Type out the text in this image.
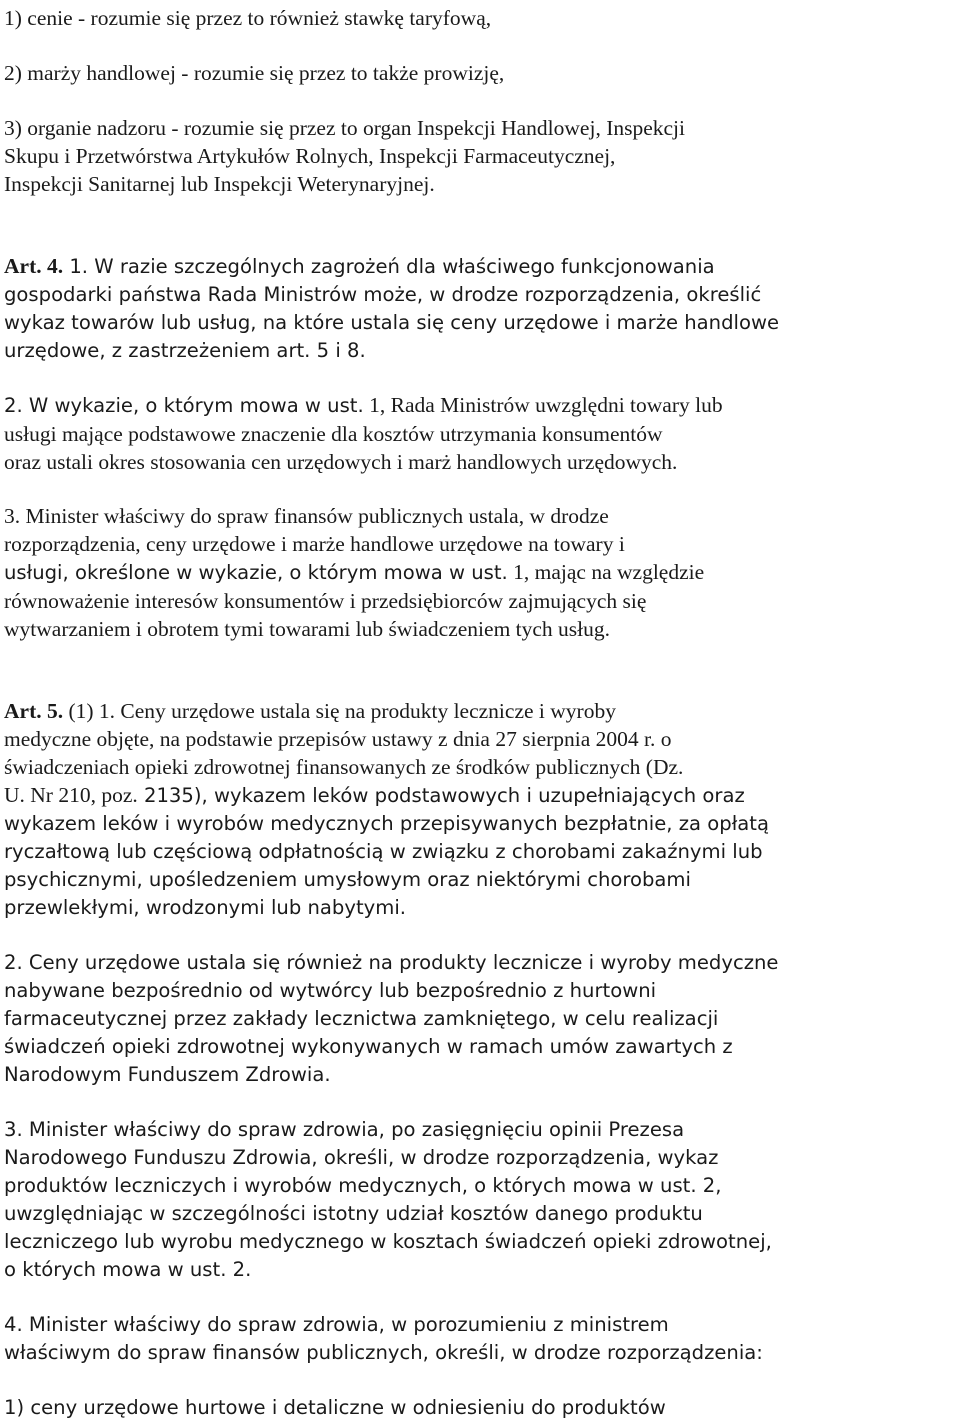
1) cenie - rozumie się przez to również stawkę taryfową,

2) marży handlowej - rozumie się przez to także prowizję,

3) organie nadzoru - rozumie się przez to organ Inspekcji Handlowej, Inspekcji
Skupu i Przetwórstwa Artykułów Rolnych, Inspekcji Farmaceutycznej,
Inspekcji Sanitarnej lub Inspekcji Weterynaryjnej.

Art. 4. 1. W razie szczególnych zagrożeń dla właściwego funkcjonowania
gospodarki państwa Rada Ministrów może, w drodze rozporządzenia, określić
wykaz towarów lub usług, na które ustala się ceny urzędowe i marże handlowe
urzędowe, z zastrzeżeniem art. 5 i 8.

2. W wykazie, o którym mowa w ust. 1, Rada Ministrów uwzględni towary lub
usługi mające podstawowe znaczenie dla kosztów utrzymania konsumentów
oraz ustali okres stosowania cen urzędowych i marż handlowych urzędowych.

3. Minister właściwy do spraw finansów publicznych ustala, w drodze
rozporządzenia, ceny urzędowe i marże handlowe urzędowe na towary i
usługi, określone w wykazie, o którym mowa w ust. 1, mając na względzie
równoważenie interesów konsumentów i przedsiębiorców zajmujących się
wytwarzaniem i obrotem tymi towarami lub świadczeniem tych usług.

Art. 5. (1) 1. Ceny urzędowe ustala się na produkty lecznicze i wyroby
medyczne objęte, na podstawie przepisów ustawy z dnia 27 sierpnia 2004 r. o
świadczeniach opieki zdrowotnej finansowanych ze środków publicznych (Dz.
U. Nr 210, poz. 2135), wykazem leków podstawowych i uzupełniających oraz
wykazem leków i wyrobów medycznych przepisywanych bezpłatnie, za opłatą
ryczałtową lub częściową odpłatnością w związku z chorobami zakaźnymi lub
psychicznymi, upośledzeniem umysłowym oraz niektórymi chorobami
przewlekłymi, wrodzonymi lub nabytymi.

2. Ceny urzędowe ustala się również na produkty lecznicze i wyroby medyczne
nabywane bezpośrednio od wytwórcy lub bezpośrednio z hurtowni
farmaceutycznej przez zakłady lecznictwa zamkniętego, w celu realizacji
świadczeń opieki zdrowotnej wykonywanych w ramach umów zawartych z
Narodowym Funduszem Zdrowia.

3. Minister właściwy do spraw zdrowia, po zasięgnięciu opinii Prezesa
Narodowego Funduszu Zdrowia, określi, w drodze rozporządzenia, wykaz
produktów leczniczych i wyrobów medycznych, o których mowa w ust. 2,
uwzględniając w szczególności istotny udział kosztów danego produktu
leczniczego lub wyrobu medycznego w kosztach świadczeń opieki zdrowotnej,
o których mowa w ust. 2.

4. Minister właściwy do spraw zdrowia, w porozumieniu z ministrem
właściwym do spraw finansów publicznych, określi, w drodze rozporządzenia:

1) ceny urzędowe hurtowe i detaliczne w odniesieniu do produktów
